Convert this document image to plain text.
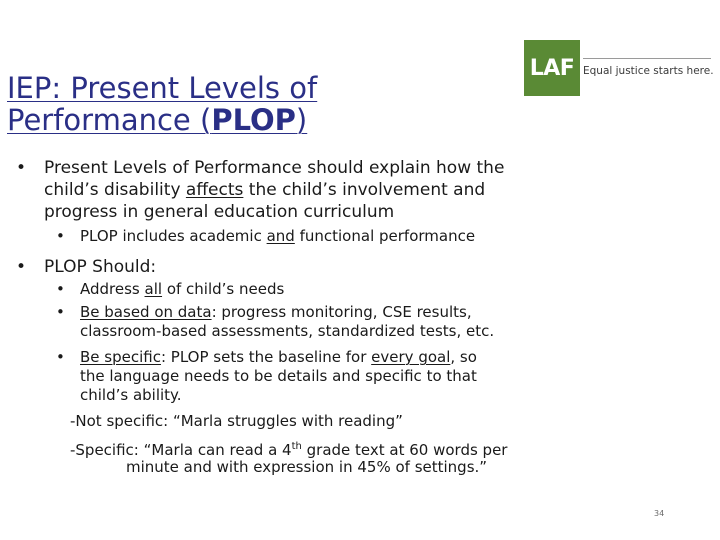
IEP: Present Levels of
Performance (PLOP)
LAF Equal justice starts here.
• Present Levels of Performance should explain how the
child’s disability affects the child’s involvement and
progress in general education curriculum
• PLOP includes academic and functional performance
• PLOP Should:
• Address all of child’s needs
• Be based on data: progress monitoring, CSE results,
classroom-based assessments, standardized tests, etc.
• Be specific: PLOP sets the baseline for every goal, so
the language needs to be details and specific to that
child’s ability.
-Not specific: “Marla struggles with reading”
-Specific: “Marla can read a 4th grade text at 60 words per
minute and with expression in 45% of settings.”
34
